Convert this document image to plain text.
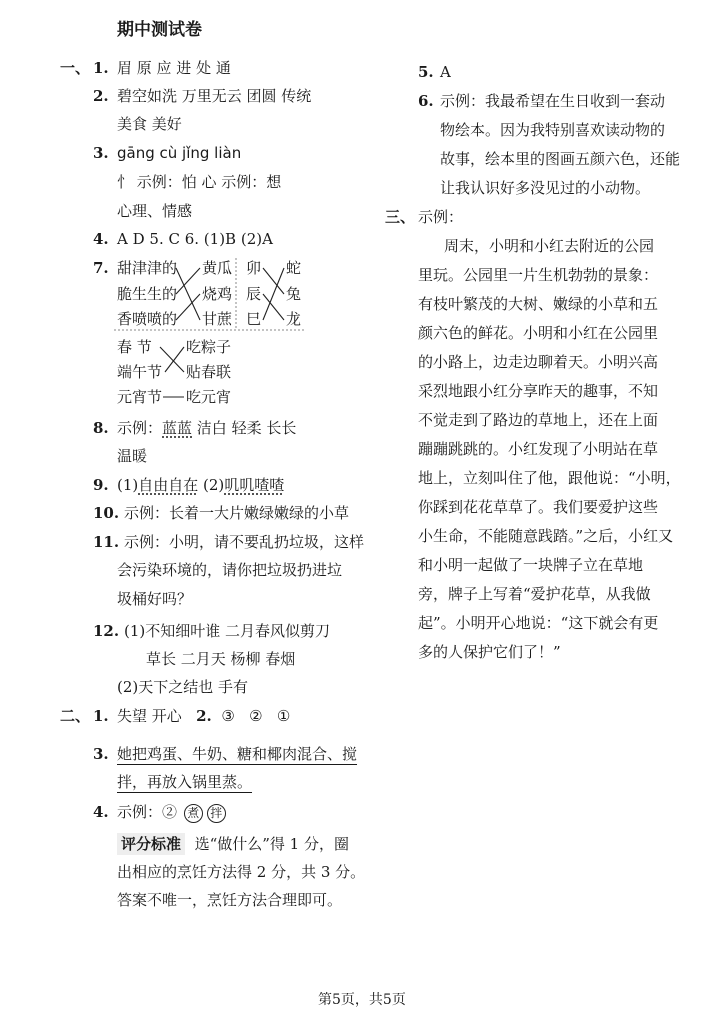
期中测试卷
一、 1. 眉 原 应 进 处 通
2. 碧空如洗 万里无云 团圆 传统
美食 美好
3. gāng cù jǐng liàn
忄 示例：怕 心 示例：想
心理、情感
4. A D 5. C 6. (1)B (2)A
7. 甜津津的
脆生生的
香喷喷的
黄瓜
烧鸡
甘蔗
卯
辰
巳
蛇
兔
龙
春 节
端午节
元宵节
吃粽子
贴春联
吃元宵
8. 示例：蓝蓝 洁白 轻柔 长长
温暖
9. (1)自由自在 (2)叽叽喳喳
10. 示例：长着一大片嫩绿嫩绿的小草
11. 示例：小明，请不要乱扔垃圾，这样
会污染环境的，请你把垃圾扔进垃
圾桶好吗？
12. (1)不知细叶谁 二月春风似剪刀
草长 二月天 杨柳 春烟
(2)天下之结也 手有
二、 1. 失望 开心 2. ③ ② ①
3. 她把鸡蛋、牛奶、糖和椰肉混合、搅
拌，再放入锅里蒸。
4. 示例：② 煮 拌
评分标准 选“做什么”得 1 分，圈
出相应的烹饪方法得 2 分，共 3 分。
答案不唯一，烹饪方法合理即可。
5. A
6. 示例：我最希望在生日收到一套动
物绘本。因为我特别喜欢读动物的
故事，绘本里的图画五颜六色，还能
让我认识好多没见过的小动物。
三、 示例：
周末，小明和小红去附近的公园
里玩。公园里一片生机勃勃的景象：
有枝叶繁茂的大树、嫩绿的小草和五
颜六色的鲜花。小明和小红在公园里
的小路上，边走边聊着天。小明兴高
采烈地跟小红分享昨天的趣事，不知
不觉走到了路边的草地上，还在上面
蹦蹦跳跳的。小红发现了小明站在草
地上，立刻叫住了他，跟他说：“小明，
你踩到花花草草了。我们要爱护这些
小生命，不能随意践踏。”之后，小红又
和小明一起做了一块牌子立在草地
旁，牌子上写着“爱护花草，从我做
起”。小明开心地说：“这下就会有更
多的人保护它们了！”
第5页，共5页
